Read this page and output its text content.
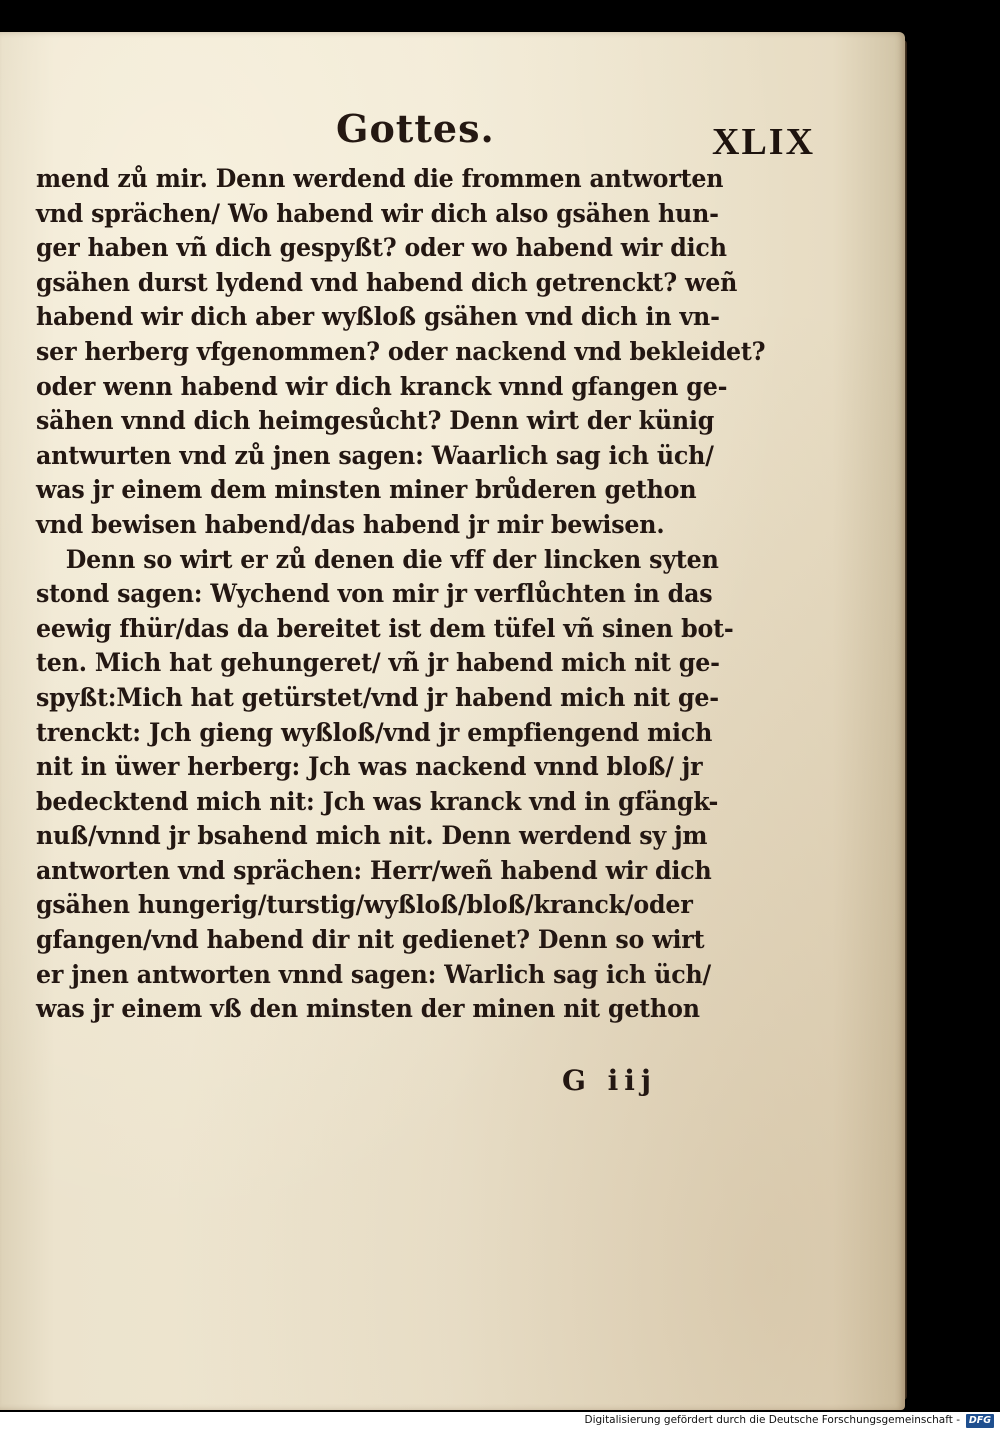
Gottes.	XLIX
mend zů mir. Denn werdend die frommen antworten
vnd sprächen/ Wo habend wir dich also gsähen hun-
ger haben vñ dich gespyßt? oder wo habend wir dich
gsähen durst lydend vnd habend dich getrenckt? weñ
habend wir dich aber wyßloß gsähen vnd dich in vn-
ser herberg vfgenommen? oder nackend vnd bekleidet?
oder wenn habend wir dich kranck vnnd gfangen ge-
sähen vnnd dich heimgesůcht? Denn wirt der künig
antwurten vnd zů jnen sagen: Waarlich sag ich üch/
was jr einem dem minsten miner brůderen gethon
vnd bewisen habend/das habend jr mir bewisen.
Denn so wirt er zů denen die vff der lincken syten
stond sagen: Wychend von mir jr verflůchten in das
eewig fhür/das da bereitet ist dem tüfel vñ sinen bot-
ten. Mich hat gehungeret/ vñ jr habend mich nit ge-
spyßt:Mich hat getürstet/vnd jr habend mich nit ge-
trenckt: Jch gieng wyßloß/vnd jr empfiengend mich
nit in üwer herberg: Jch was nackend vnnd bloß/ jr
bedecktend mich nit: Jch was kranck vnd in gfängk-
nuß/vnnd jr bsahend mich nit. Denn werdend sy jm
antworten vnd sprächen: Herr/weñ habend wir dich
gsähen hungerig/turstig/wyßloß/bloß/kranck/oder
gfangen/vnd habend dir nit gedienet? Denn so wirt
er jnen antworten vnnd sagen: Warlich sag ich üch/
was jr einem vß den minsten der minen nit gethon
G iij
Digitalisierung gefördert durch die Deutsche Forschungsgemeinschaft - DFG
